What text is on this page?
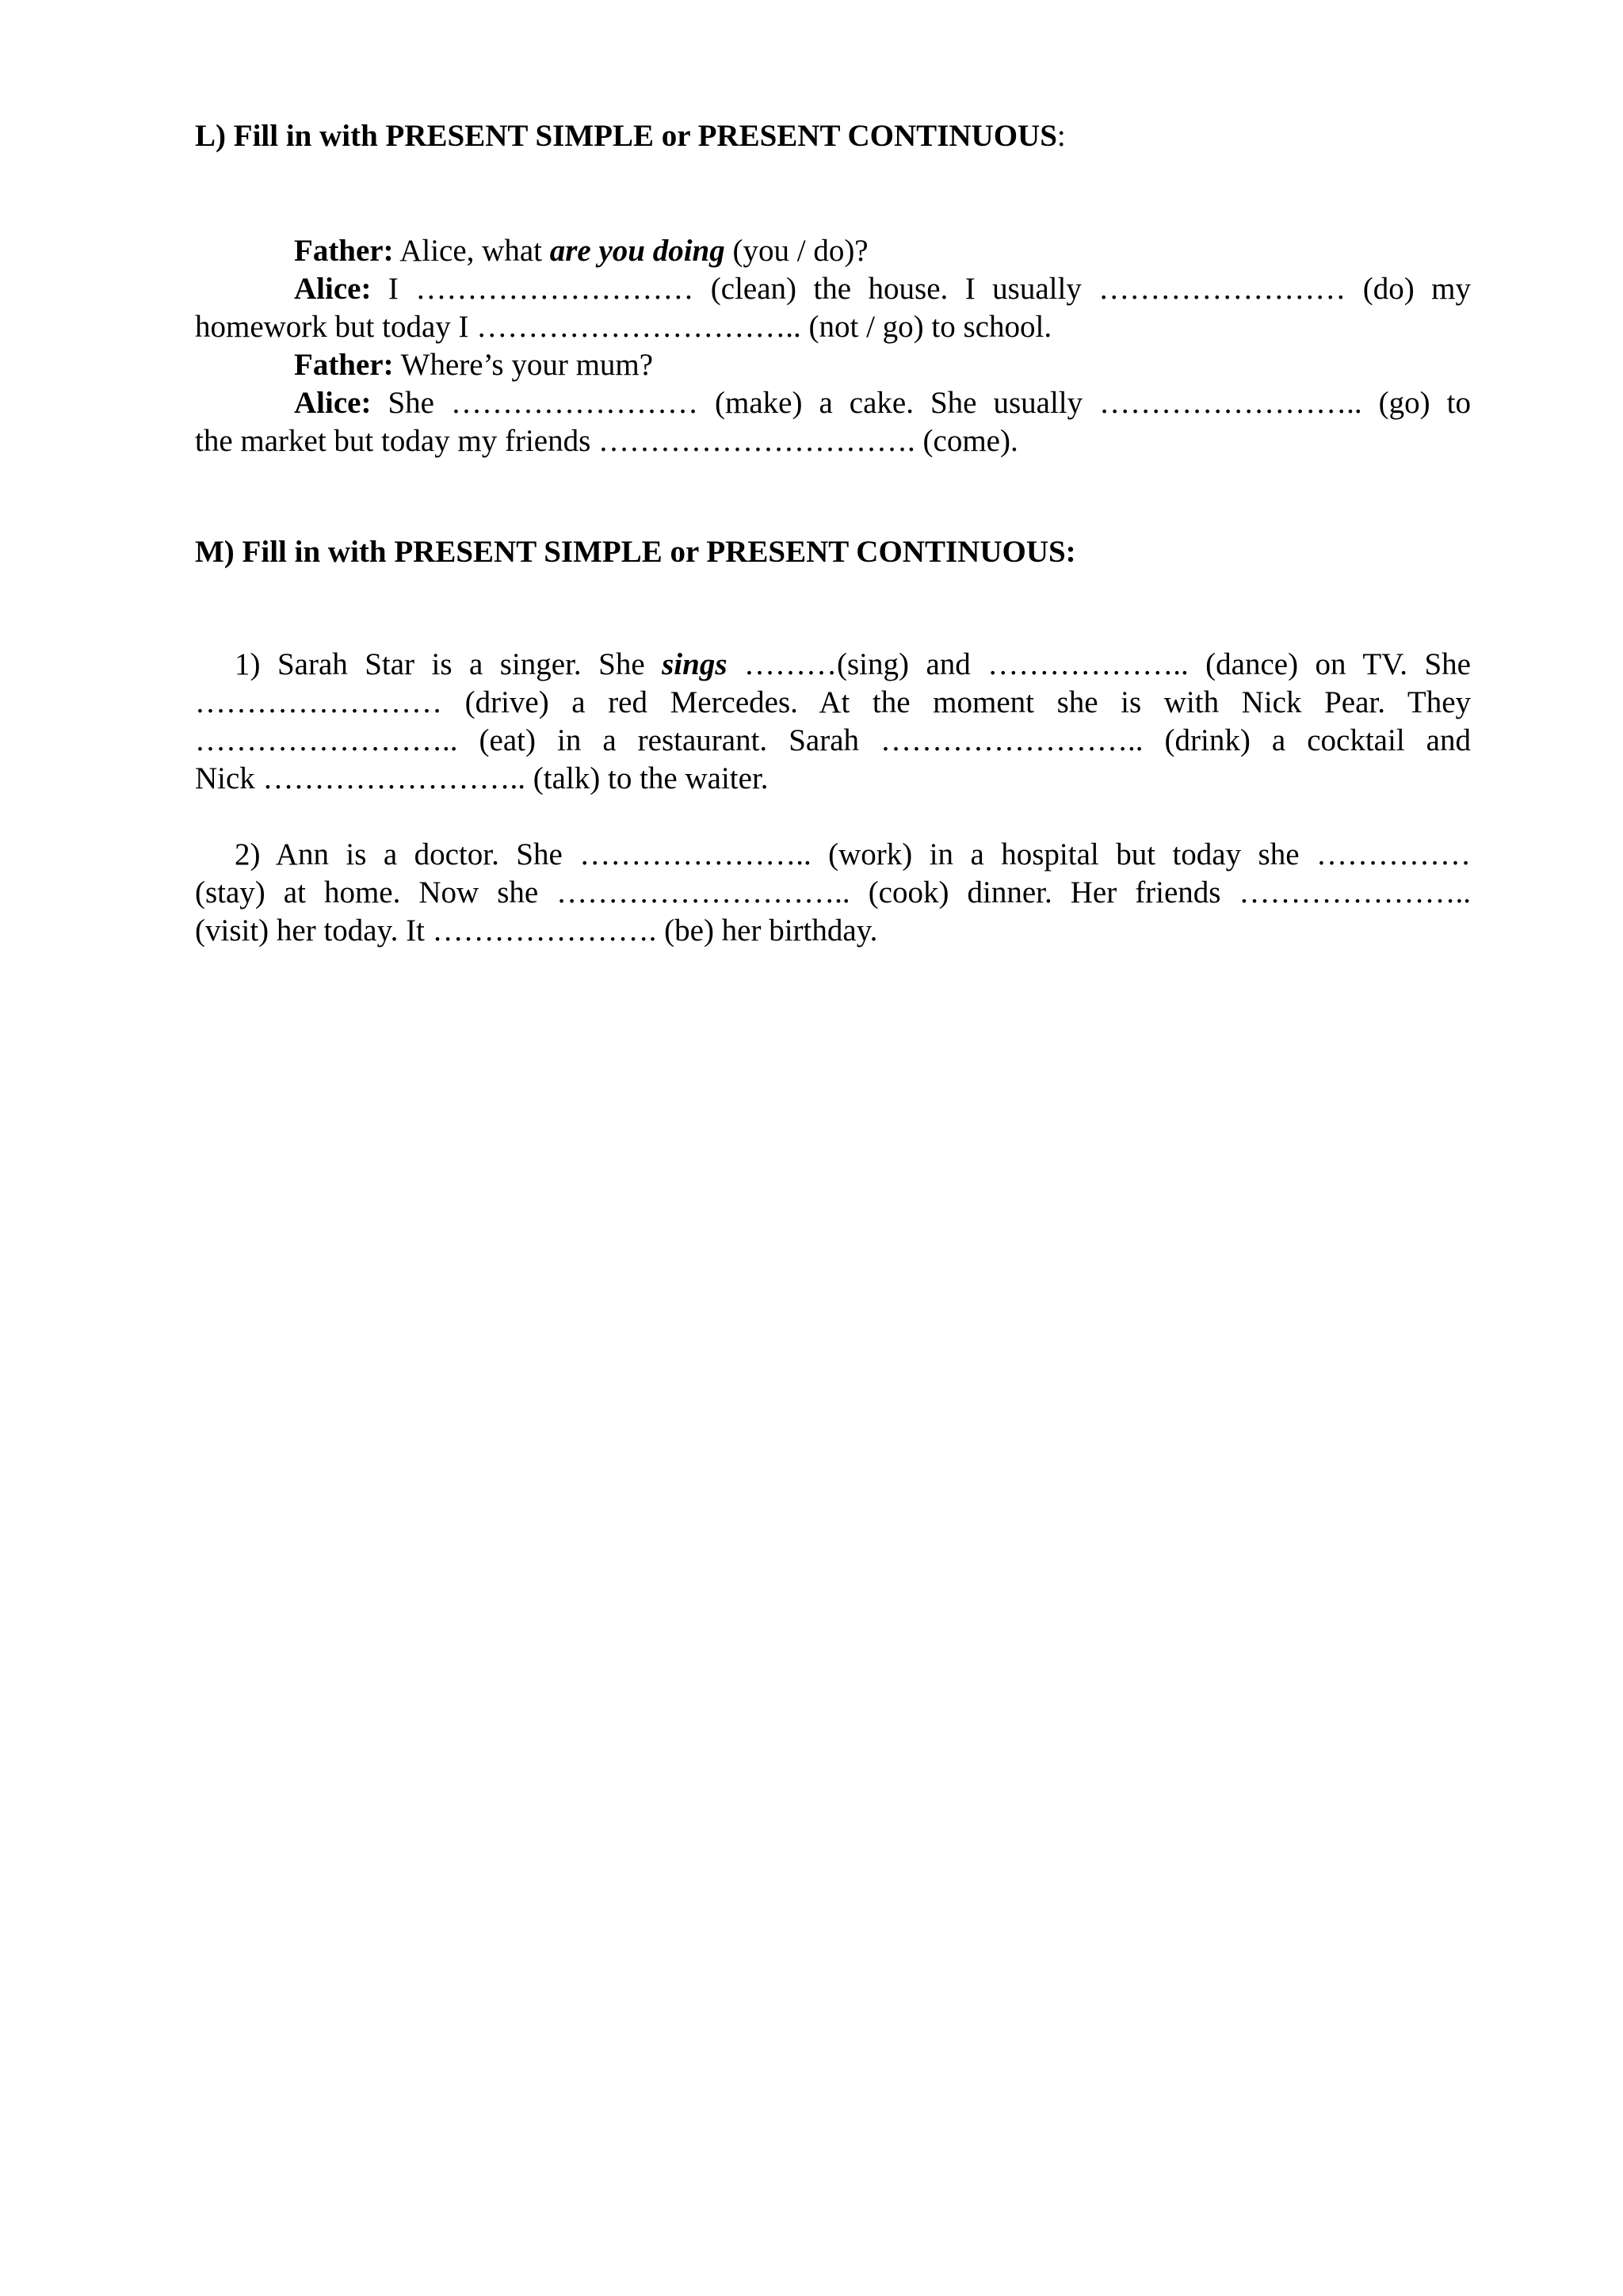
L) Fill in with PRESENT SIMPLE or PRESENT CONTINUOUS:

Father: Alice, what are you doing (you / do)?

Alice: I ……………………… (clean) the house. I usually …………………… (do) my
homework but today I ………………………….. (not / go) to school.

Father: Where’s your mum?

Alice: She …………………… (make) a cake. She usually …………………….. (go) to
the market but today my friends …………………………. (come).

M) Fill in with PRESENT SIMPLE or PRESENT CONTINUOUS:

1) Sarah Star is a singer. She sings ………(sing) and ……………….. (dance) on TV. She
…………………… (drive) a red Mercedes. At the moment she is with Nick Pear. They
…………………….. (eat) in a restaurant. Sarah …………………….. (drink) a cocktail and
Nick …………………….. (talk) to the waiter.

2) Ann is a doctor. She ………………….. (work) in a hospital but today she ……………
(stay) at home. Now she ……………………….. (cook) dinner. Her friends …………………..
(visit) her today. It …………………. (be) her birthday.
